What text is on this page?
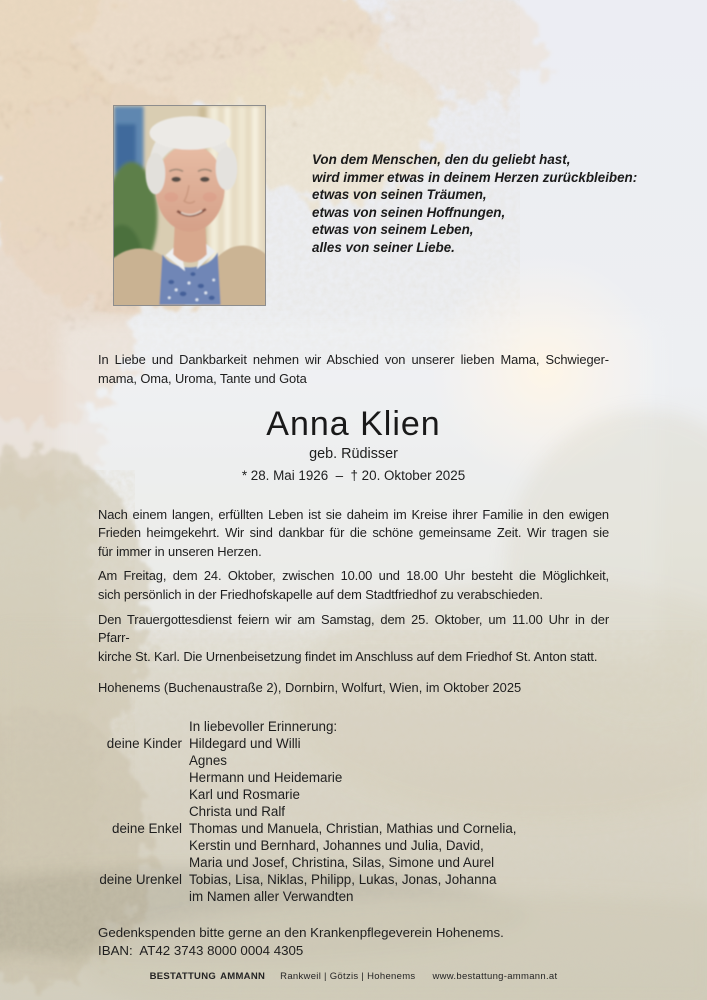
Von dem Menschen, den du geliebt hast,
wird immer etwas in deinem Herzen zurückbleiben:
etwas von seinen Träumen,
etwas von seinen Hoffnungen,
etwas von seinem Leben,
alles von seiner Liebe.
In Liebe und Dankbarkeit nehmen wir Abschied von unserer lieben Mama, Schwieger-
mama, Oma, Uroma, Tante und Gota
Anna Klien
geb. Rüdisser
* 28. Mai 1926  –  † 20. Oktober 2025
Nach einem langen, erfüllten Leben ist sie daheim im Kreise ihrer Familie in den ewigen
Frieden heimgekehrt. Wir sind dankbar für die schöne gemeinsame Zeit. Wir tragen sie
für immer in unseren Herzen.
Am Freitag, dem 24. Oktober, zwischen 10.00 und 18.00 Uhr besteht die Möglichkeit,
sich persönlich in der Friedhofskapelle auf dem Stadtfriedhof zu verabschieden.
Den Trauergottesdienst feiern wir am Samstag, dem 25. Oktober, um 11.00 Uhr in der Pfarr-
kirche St. Karl. Die Urnenbeisetzung findet im Anschluss auf dem Friedhof St. Anton statt.
Hohenems (Buchenaustraße 2), Dornbirn, Wolfurt, Wien, im Oktober 2025
In liebevoller Erinnerung:
deine Kinder Hildegard und Willi
Agnes
Hermann und Heidemarie
Karl und Rosmarie
Christa und Ralf
deine Enkel Thomas und Manuela, Christian, Mathias und Cornelia,
Kerstin und Bernhard, Johannes und Julia, David,
Maria und Josef, Christina, Silas, Simone und Aurel
deine Urenkel Tobias, Lisa, Niklas, Philipp, Lukas, Jonas, Johanna
im Namen aller Verwandten
Gedenkspenden bitte gerne an den Krankenpflegeverein Hohenems.
IBAN:  AT42 3743 8000 0004 4305
BESTATTUNG AMMANN Rankweil | Götzis | Hohenems www.bestattung-ammann.at
